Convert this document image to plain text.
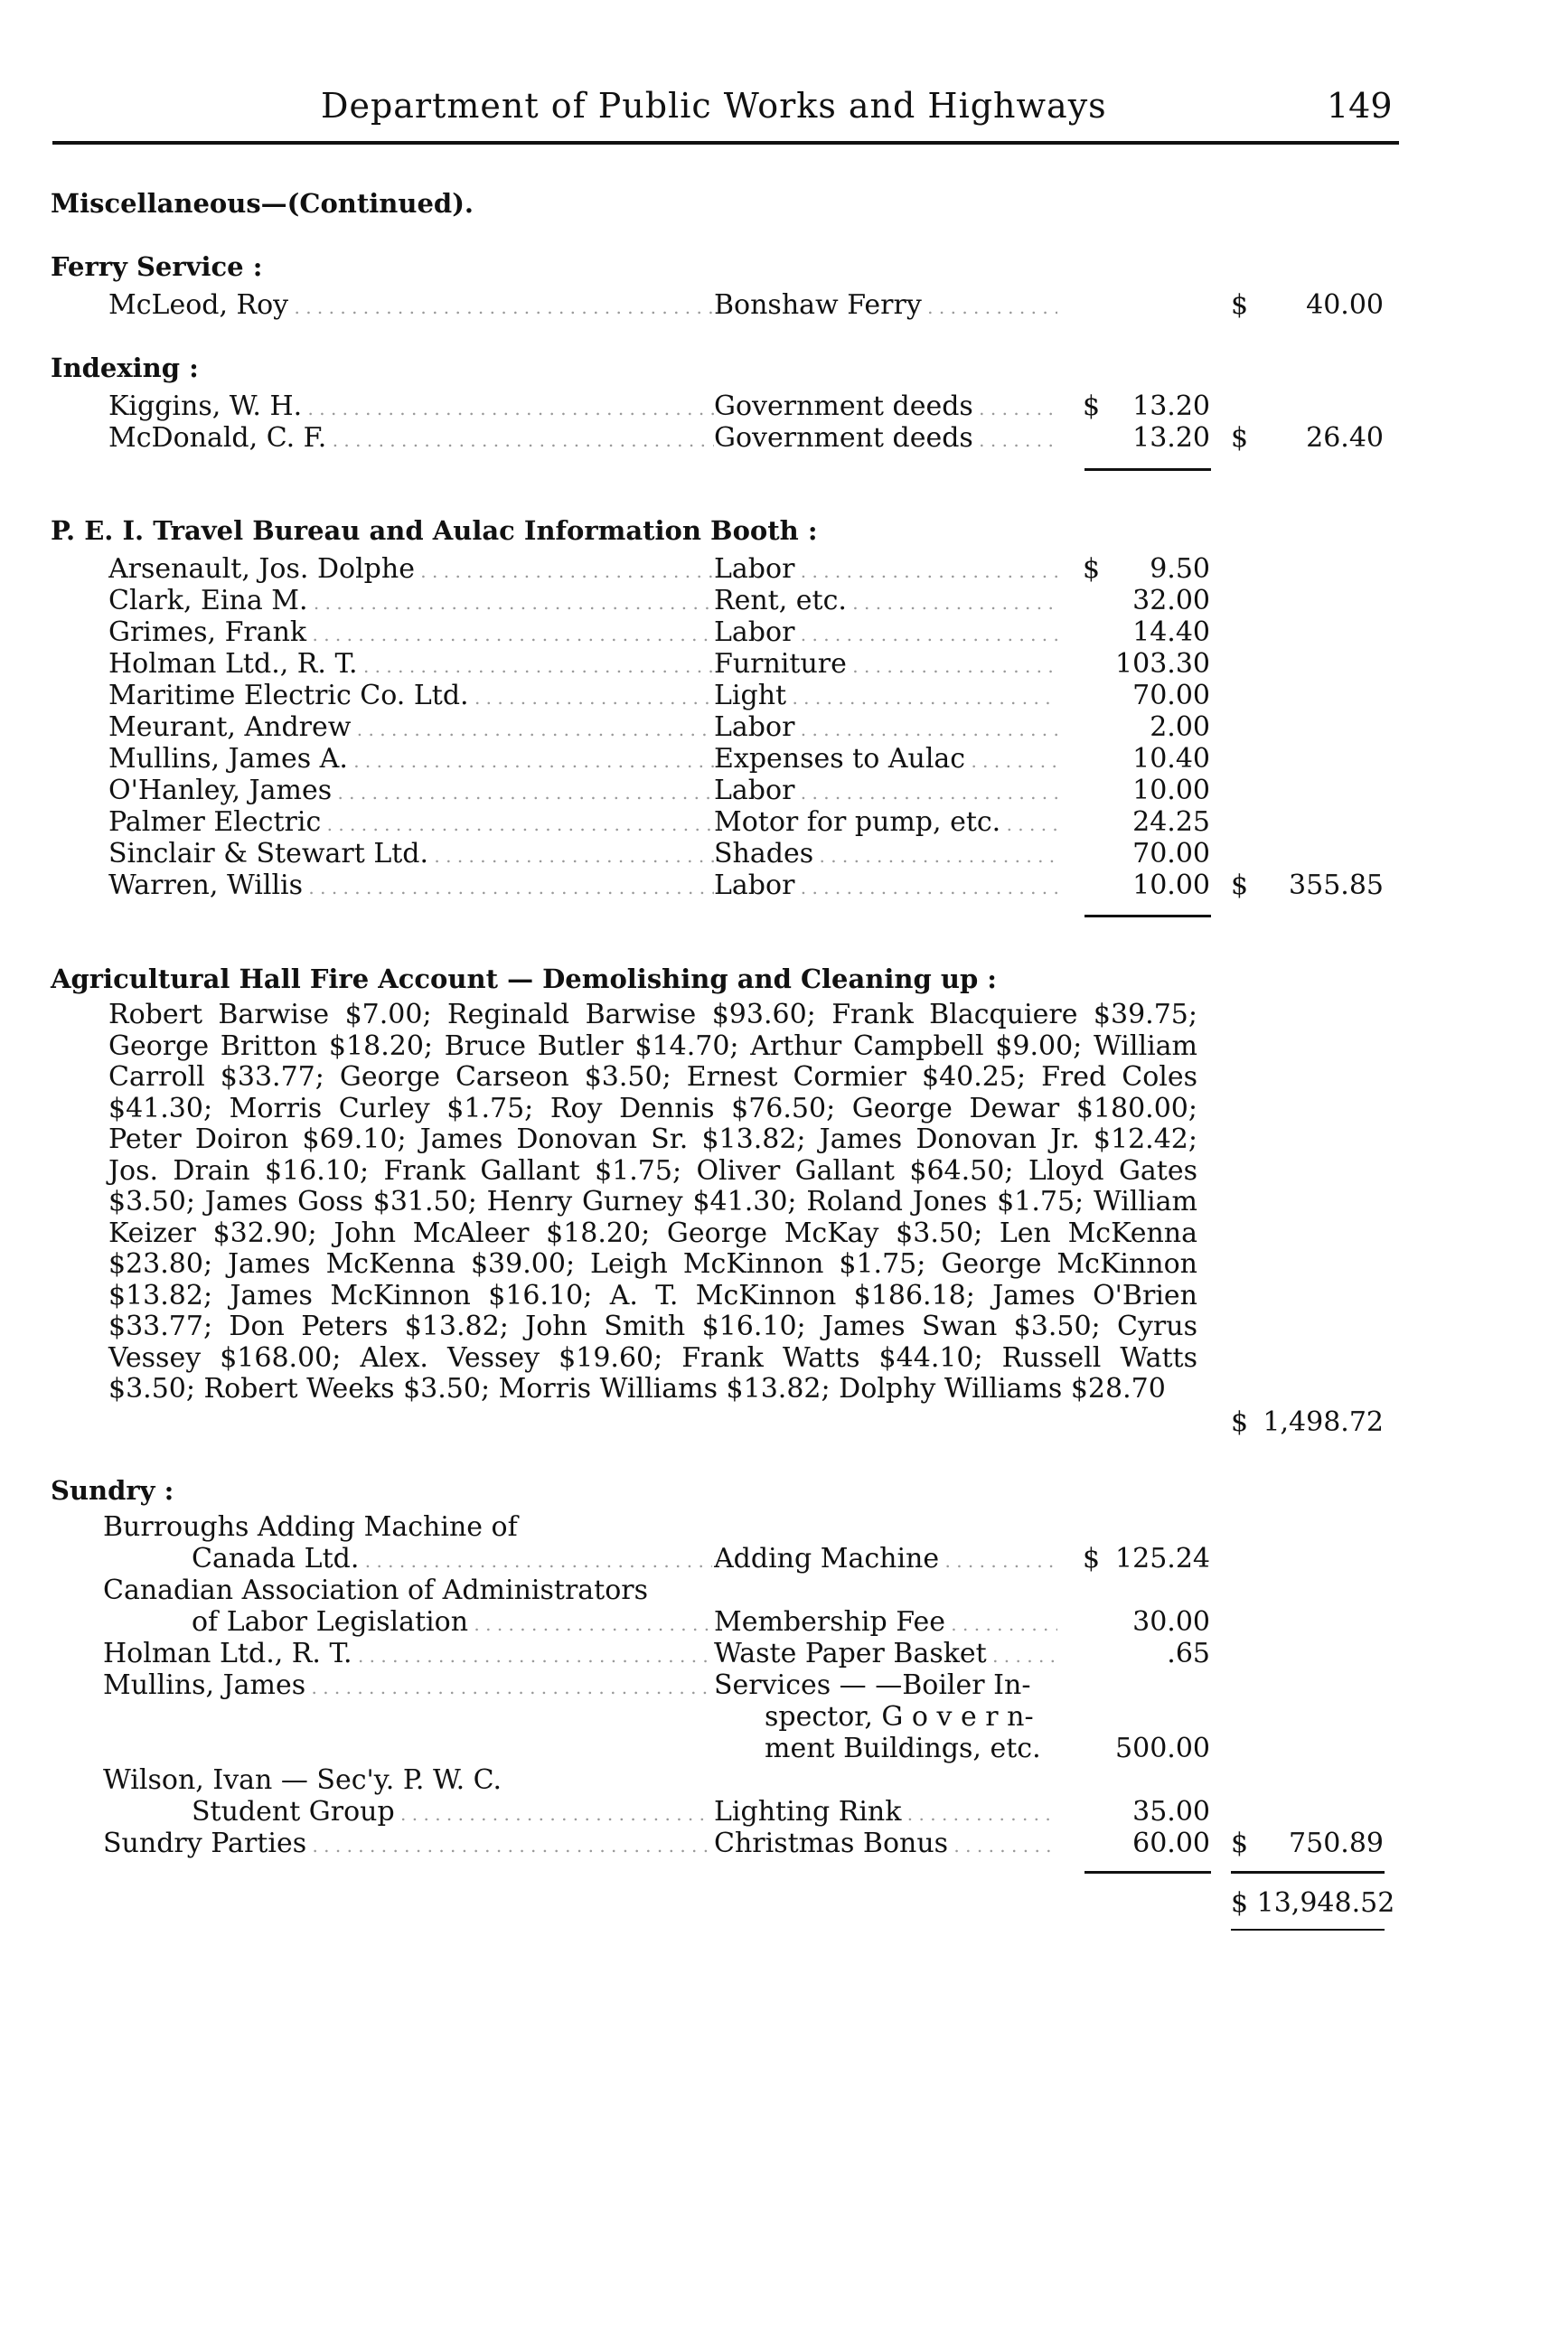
Department of Public Works and Highways	149
Miscellaneous—(Continued).
Ferry Service :
McLeod, Roy . . .	Bonshaw Ferry . . .	$ 40.00
Indexing :
Kiggins, W. H. . . .	Government deeds . . .	$ 13.20
McDonald, C. F. . . .	Government deeds . . .	13.20 $ 26.40
P. E. I. Travel Bureau and Aulac Information Booth :
Arsenault, Jos. Dolphe . . .	Labor . . .	$ 9.50
Clark, Eina M. . . .	Rent, etc. . . .	32.00
Grimes, Frank . . .	Labor . . .	14.40
Holman Ltd., R. T. . . .	Furniture . . .	103.30
Maritime Electric Co. Ltd. . . .	Light . . .	70.00
Meurant, Andrew . . .	Labor . . .	2.00
Mullins, James A. . . .	Expenses to Aulac . . .	10.40
O'Hanley, James . . .	Labor . . .	10.00
Palmer Electric . . .	Motor for pump, etc. . . .	24.25
Sinclair & Stewart Ltd. . . .	Shades . . .	70.00
Warren, Willis . . .	Labor . . .	10.00 $ 355.85
Agricultural Hall Fire Account — Demolishing and Cleaning up :

Robert Barwise $7.00; Reginald Barwise $93.60; Frank Blacquiere $39.75; George Britton $18.20; Bruce Butler $14.70; Arthur Campbell $9.00; William Carroll $33.77; George Carseon $3.50; Ernest Cormier $40.25; Fred Coles $41.30; Morris Curley $1.75; Roy Dennis $76.50; George Dewar $180.00; Peter Doiron $69.10; James Donovan Sr. $13.82; James Donovan Jr. $12.42; Jos. Drain $16.10; Frank Gallant $1.75; Oliver Gallant $64.50; Lloyd Gates $3.50; James Goss $31.50; Henry Gurney $41.30; Roland Jones $1.75; William Keizer $32.90; John McAleer $18.20; George McKay $3.50; Len McKenna $23.80; James McKenna $39.00; Leigh McKinnon $1.75; George McKinnon $13.82; James McKinnon $16.10; A. T. McKinnon $186.18; James O'Brien $33.77; Don Peters $13.82; John Smith $16.10; James Swan $3.50; Cyrus Vessey $168.00; Alex. Vessey $19.60; Frank Watts $44.10; Russell Watts $3.50; Robert Weeks $3.50; Morris Williams $13.82; Dolphy Williams $28.70

$ 1,498.72
Sundry :
Burroughs Adding Machine of
Canada Ltd. . . .	Adding Machine . . .	$ 125.24
Canadian Association of Administrators
of Labor Legislation . . .	Membership Fee . . .	30.00
Holman Ltd., R. T. . . .	Waste Paper Basket . . .	.65
Mullins, James . . .	Services — —Boiler In-
spector, G o v e r n-
ment Buildings, etc.	500.00
Wilson, Ivan — Sec'y. P. W. C.
Student Group . . .	Lighting Rink . . .	35.00
Sundry Parties . . .	Christmas Bonus . . .	60.00 $ 750.89
$ 13,948.52
